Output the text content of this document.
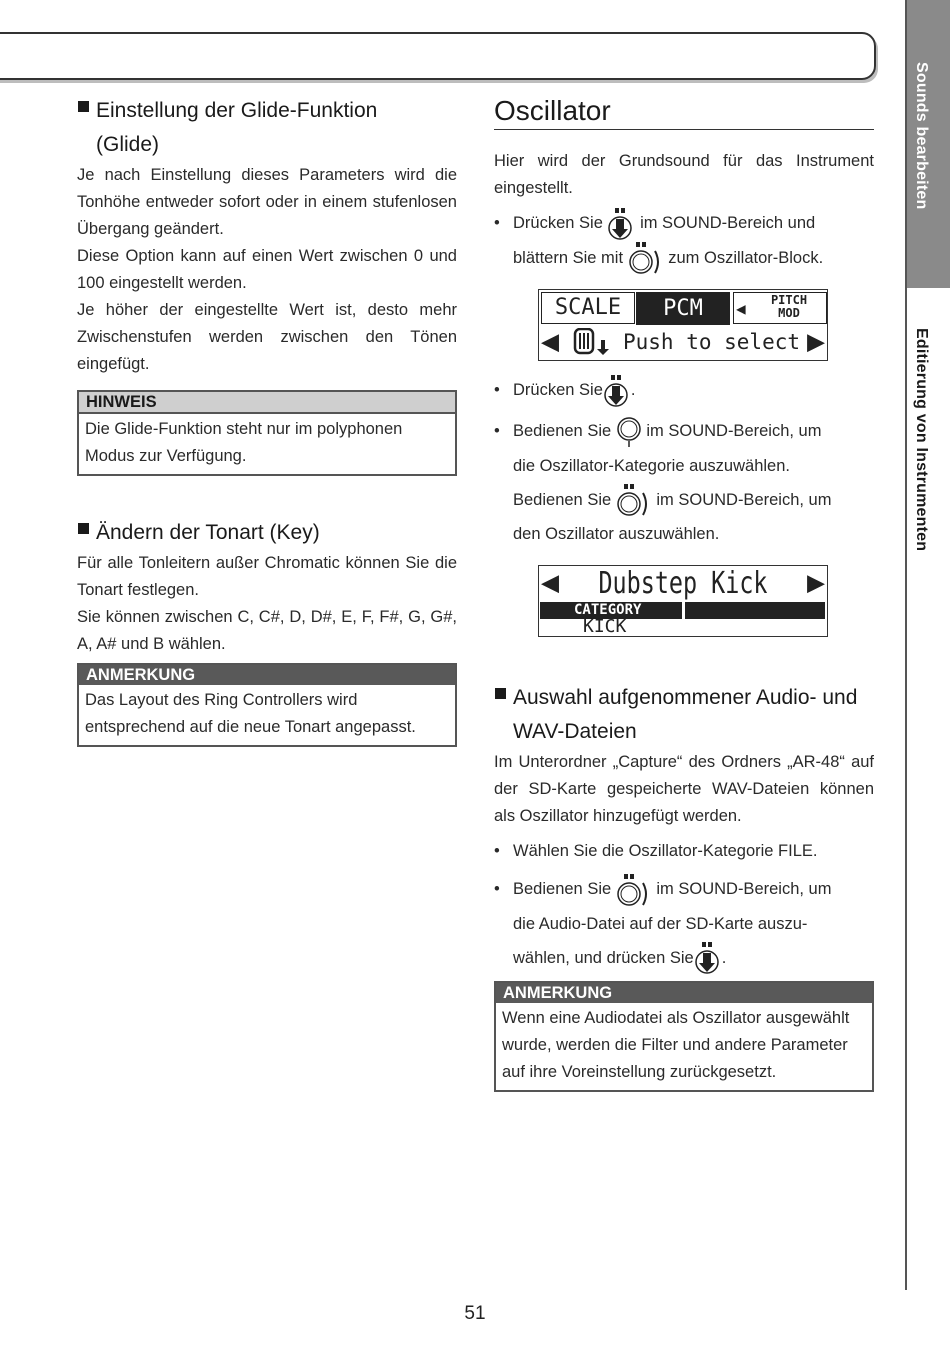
Sounds bearbeiten
Editierung von Instrumenten
Einstellung der Glide-Funktion
(Glide)

Je nach Einstellung dieses Parameters wird die Tonhöhe entweder sofort oder in einem stufenlosen Übergang geändert.

Diese Option kann auf einen Wert zwischen 0 und 100 eingestellt werden.

Je höher der eingestellte Wert ist, desto mehr Zwischenstufen werden zwischen den Tönen eingefügt.

HINWEIS
Die Glide-Funktion steht nur im polyphonen Modus zur Verfügung.
Ändern der Tonart (Key)

Für alle Tonleitern außer Chromatic können Sie die Tonart festlegen.

Sie können zwischen C, C#, D, D#, E, F, F#, G, G#, A, A# und B wählen.

ANMERKUNG
Das Layout des Ring Controllers wird entsprechend auf die neue Tonart angepasst.
Oscillator

Hier wird der Grundsound für das Instrument eingestellt.

• Drücken Sie im SOUND-Bereich und
blättern Sie mit	zum Oszillator-Block.
SCALE	PCM	◀	PITCH
MOD
◀	Push to select ▶
• Drücken Sie .
• Bedienen Sie im SOUND-Bereich, um
die Oszillator-Kategorie auszuwählen.
Bedienen Sie	im SOUND-Bereich, um
den Oszillator auszuwählen.
◀ Dubstep Kick ▶
CATEGORY
KICK
Auswahl aufgenommener Audio- und
WAV-Dateien

Im Unterordner „Capture“ des Ordners „AR-48“ auf der SD-Karte gespeicherte WAV-Dateien können als Oszillator hinzugefügt werden.

• Wählen Sie die Oszillator-Kategorie FILE.
• Bedienen Sie	im SOUND-Bereich, um
die Audio-Datei auf der SD-Karte auszu-
wählen, und drücken Sie .
ANMERKUNG
Wenn eine Audiodatei als Oszillator ausgewählt wurde, werden die Filter und andere Parameter auf ihre Voreinstellung zurückgesetzt.
51
